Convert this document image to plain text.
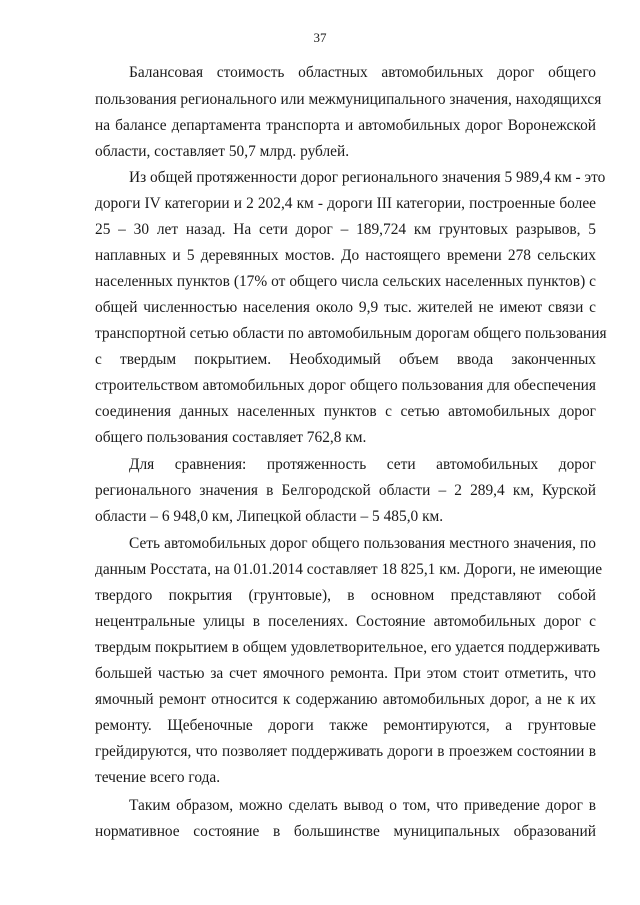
37
Балансовая стоимость областных автомобильных дорог общего
пользования регионального или межмуниципального значения, находящихся
на балансе департамента транспорта и автомобильных дорог Воронежской
области, составляет 50,7 млрд. рублей.
Из общей протяженности дорог регионального значения 5 989,4 км - это
дороги IV категории и 2 202,4 км - дороги III категории, построенные более
25 – 30 лет назад. На сети дорог – 189,724 км грунтовых разрывов, 5
наплавных и 5 деревянных мостов. До настоящего времени 278 сельских
населенных пунктов (17% от общего числа сельских населенных пунктов) с
общей численностью населения около 9,9 тыс. жителей не имеют связи с
транспортной сетью области по автомобильным дорогам общего пользования
с твердым покрытием. Необходимый объем ввода законченных
строительством автомобильных дорог общего пользования для обеспечения
соединения данных населенных пунктов с сетью автомобильных дорог
общего пользования составляет 762,8 км.
Для сравнения: протяженность сети автомобильных дорог
регионального значения в Белгородской области – 2 289,4 км, Курской
области – 6 948,0 км, Липецкой области – 5 485,0 км.
Сеть автомобильных дорог общего пользования местного значения, по
данным Росстата, на 01.01.2014 составляет 18 825,1 км. Дороги, не имеющие
твердого покрытия (грунтовые), в основном представляют собой
нецентральные улицы в поселениях. Состояние автомобильных дорог с
твердым покрытием в общем удовлетворительное, его удается поддерживать
большей частью за счет ямочного ремонта. При этом стоит отметить, что
ямочный ремонт относится к содержанию автомобильных дорог, а не к их
ремонту. Щебеночные дороги также ремонтируются, а грунтовые
грейдируются, что позволяет поддерживать дороги в проезжем состоянии в
течение всего года.
Таким образом, можно сделать вывод о том, что приведение дорог в
нормативное состояние в большинстве муниципальных образований
